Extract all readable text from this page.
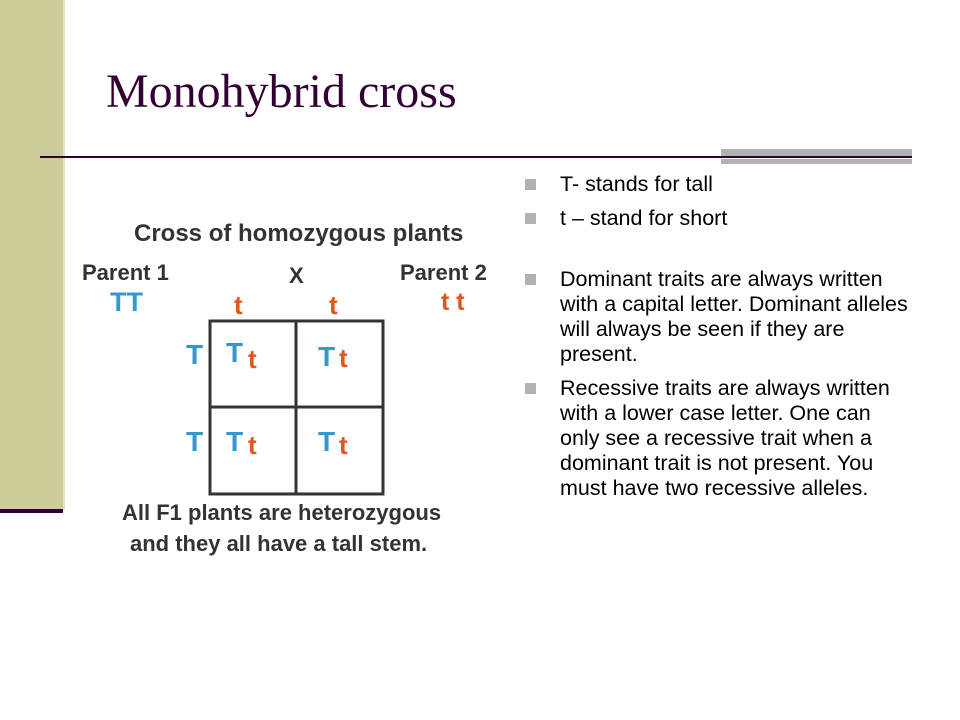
Monohybrid cross
T- stands for tall
t – stand for short
Dominant traits are always written with a capital letter. Dominant alleles will always be seen if they are present.
Recessive traits are always written with a lower case letter. One can only see a recessive trait when a dominant trait is not present. You must have two recessive alleles.
Cross of homozygous plants
Parent 1
TT
X	Parent 2
t t
t	t
T
T
T t T t
T t T t
All F1 plants are heterozygous
and they all have a tall stem.
